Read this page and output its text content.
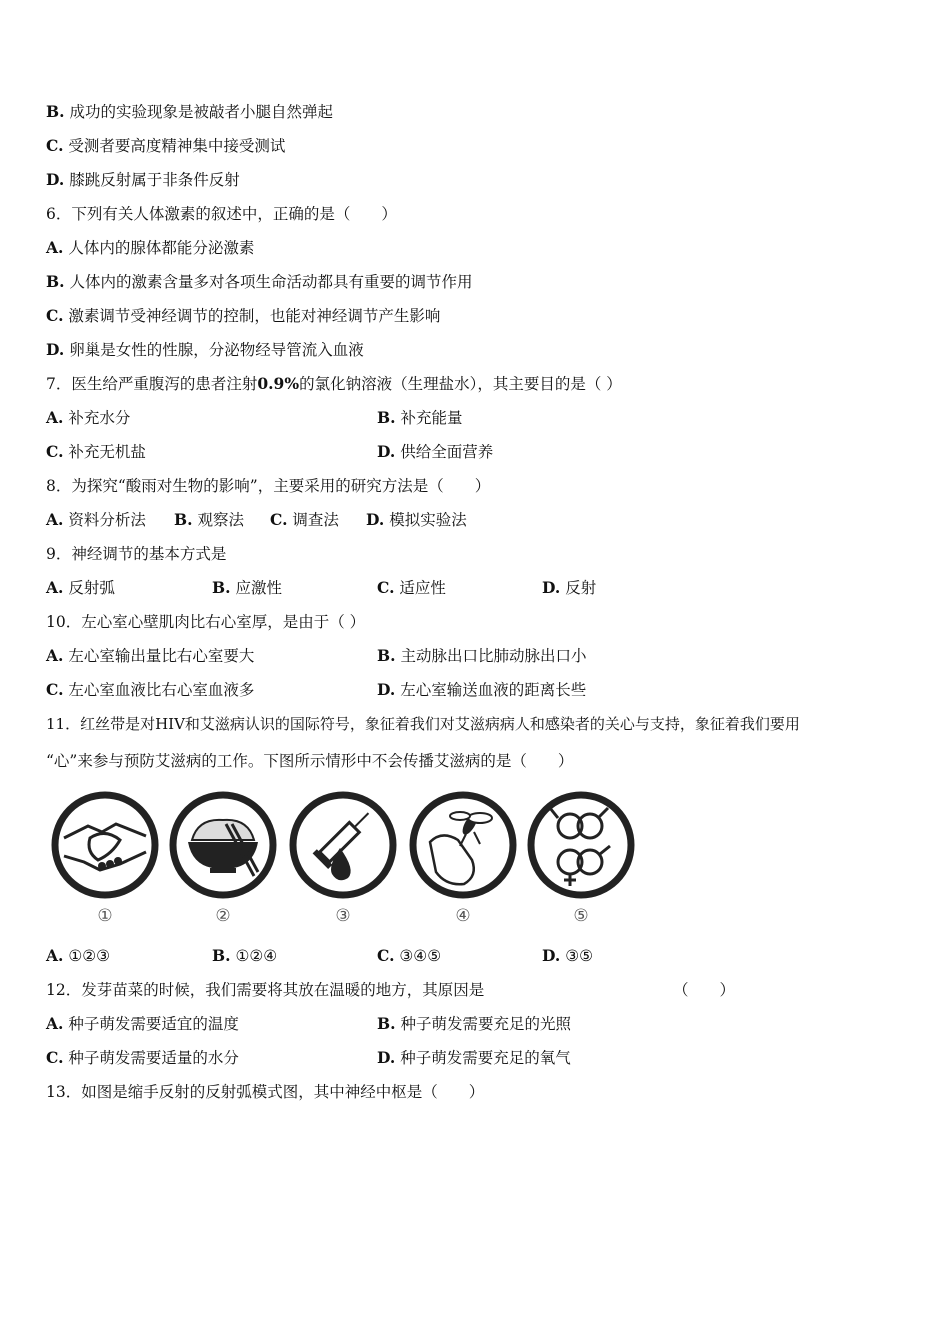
B. 成功的实验现象是被敲者小腿自然弹起
C. 受测者要高度精神集中接受测试
D. 膝跳反射属于非条件反射
6．下列有关人体激素的叙述中，正确的是（　　）
A. 人体内的腺体都能分泌激素
B. 人体内的激素含量多对各项生命活动都具有重要的调节作用
C. 激素调节受神经调节的控制，也能对神经调节产生影响
D. 卵巢是女性的性腺，分泌物经导管流入血液
7．医生给严重腹泻的患者注射0.9%的氯化钠溶液（生理盐水），其主要目的是（ ）
A. 补充水分	B. 补充能量
C. 补充无机盐	D. 供给全面营养
8．为探究“酸雨对生物的影响”，主要采用的研究方法是（　　）
A. 资料分析法 B. 观察法 C. 调查法 D. 模拟实验法
9．神经调节的基本方式是
A. 反射弧	B. 应激性	C. 适应性	D. 反射
10．左心室心壁肌肉比右心室厚，是由于（ ）
A. 左心室输出量比右心室要大	B. 主动脉出口比肺动脉出口小
C. 左心室血液比右心室血液多	D. 左心室输送血液的距离长些
11．红丝带是对HIV和艾滋病认识的国际符号，象征着我们对艾滋病病人和感染者的关心与支持，象征着我们要用
“心”来参与预防艾滋病的工作。下图所示情形中不会传播艾滋病的是（　　）
①	②	③	④	⑤
A. ①②③	B. ①②④	C. ③④⑤	D. ③⑤
12．发芽苗菜的时候，我们需要将其放在温暖的地方，其原因是	（　　）
A. 种子萌发需要适宜的温度	B. 种子萌发需要充足的光照
C. 种子萌发需要适量的水分	D. 种子萌发需要充足的氧气
13．如图是缩手反射的反射弧模式图，其中神经中枢是（　　）
